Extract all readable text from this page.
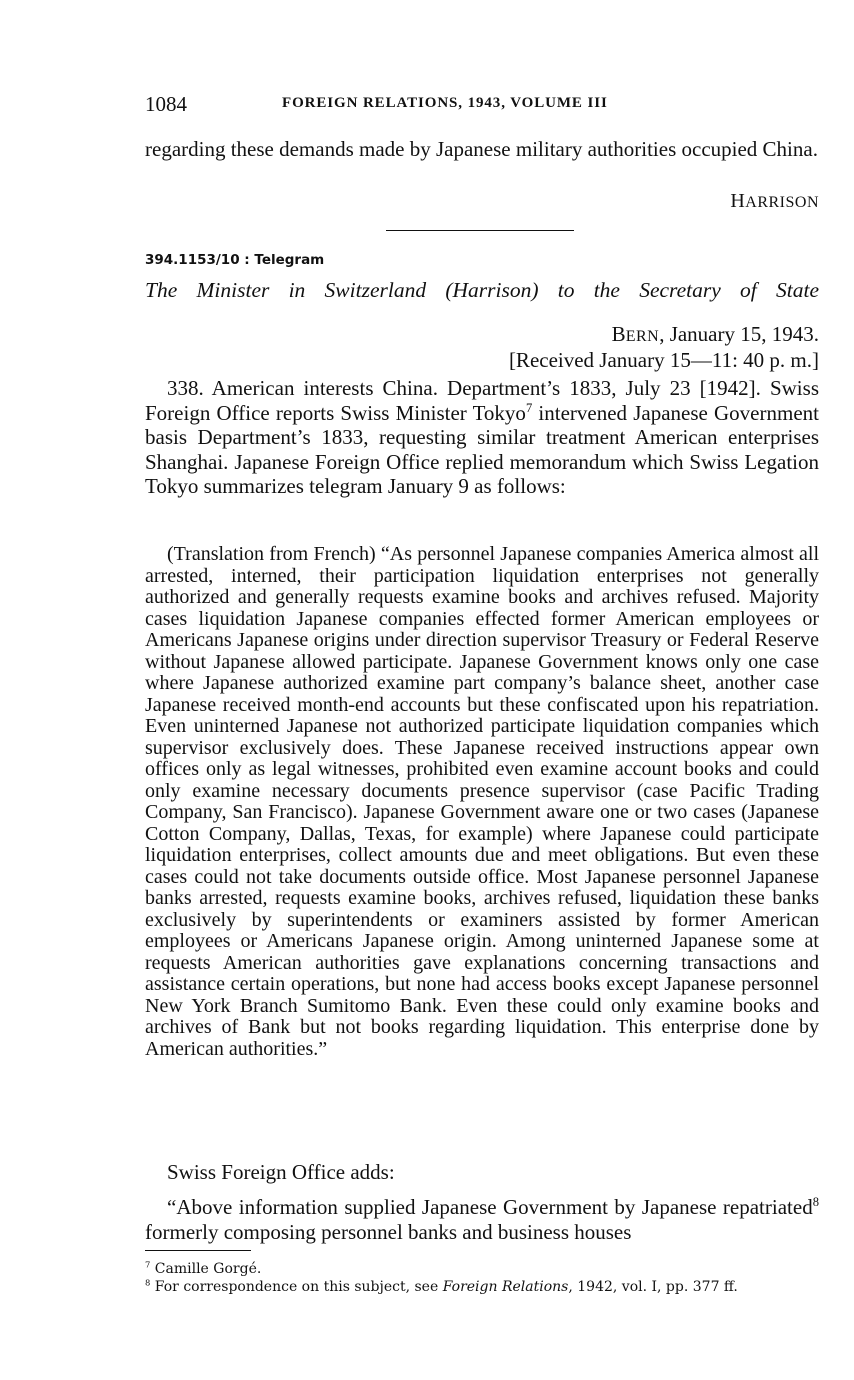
1084	FOREIGN RELATIONS, 1943, VOLUME III

regarding these demands made by Japanese military authorities occupied China.

HARRISON
394.1153/10 : Telegram
The Minister in Switzerland (Harrison) to the Secretary of State
BERN, January 15, 1943.
[Received January 15—11: 40 p. m.]

338. American interests China. Department’s 1833, July 23 [1942]. Swiss Foreign Office reports Swiss Minister Tokyo$^7$ intervened Japanese Government basis Department’s 1833, requesting similar treatment American enterprises Shanghai. Japanese Foreign Office replied memorandum which Swiss Legation Tokyo summarizes telegram January 9 as follows:

(Translation from French) “As personnel Japanese companies America almost all arrested, interned, their participation liquidation enterprises not generally authorized and generally requests examine books and archives refused. Majority cases liquidation Japanese companies effected former American employees or Americans Japanese origins under direction supervisor Treasury or Federal Reserve without Japanese allowed participate. Japanese Government knows only one case where Japanese authorized examine part company’s balance sheet, another case Japanese received month-end accounts but these confiscated upon his repatriation. Even uninterned Japanese not authorized participate liquidation companies which supervisor exclusively does. These Japanese received instructions appear own offices only as legal witnesses, prohibited even examine account books and could only examine necessary documents presence supervisor (case Pacific Trading Company, San Francisco). Japanese Government aware one or two cases (Japanese Cotton Company, Dallas, Texas, for example) where Japanese could participate liquidation enterprises, collect amounts due and meet obligations. But even these cases could not take documents outside office. Most Japanese personnel Japanese banks arrested, requests examine books, archives refused, liquidation these banks exclusively by superintendents or examiners assisted by former American employees or Americans Japanese origin. Among uninterned Japanese some at requests American authorities gave explanations concerning transactions and assistance certain operations, but none had access books except Japanese personnel New York Branch Sumitomo Bank. Even these could only examine books and archives of Bank but not books regarding liquidation. This enterprise done by American authorities.”

Swiss Foreign Office adds:

“Above information supplied Japanese Government by Japanese repatriated$^8$ formerly composing personnel banks and business houses

$^7$ Camille Gorgé.

$^8$ For correspondence on this subject, see Foreign Relations, 1942, vol. I, pp. 377 ff.
